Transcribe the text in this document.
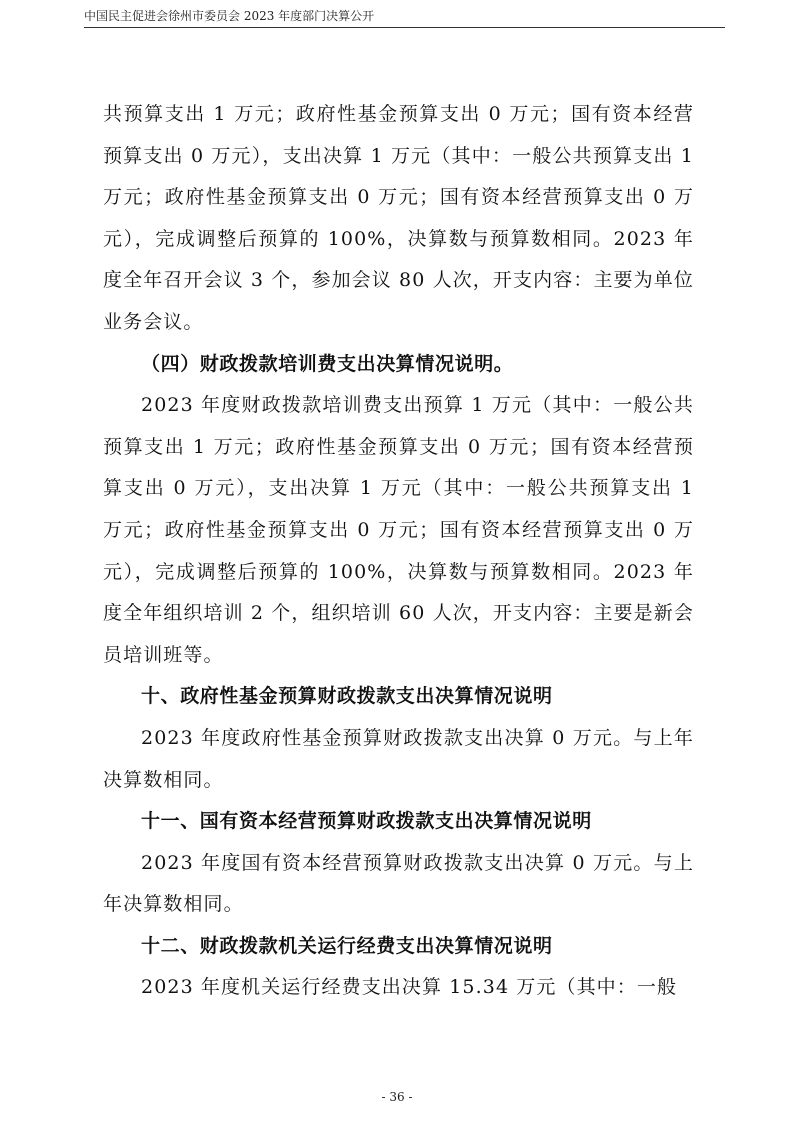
中国民主促进会徐州市委员会 2023 年度部门决算公开

共预算支出 1 万元；政府性基金预算支出 0 万元；国有资本经营预算支出 0 万元），支出决算 1 万元（其中：一般公共预算支出 1 万元；政府性基金预算支出 0 万元；国有资本经营预算支出 0 万元），完成调整后预算的 100%，决算数与预算数相同。2023 年度全年召开会议 3 个，参加会议 80 人次，开支内容：主要为单位业务会议。

（四）财政拨款培训费支出决算情况说明。

2023 年度财政拨款培训费支出预算 1 万元（其中：一般公共预算支出 1 万元；政府性基金预算支出 0 万元；国有资本经营预算支出 0 万元），支出决算 1 万元（其中：一般公共预算支出 1 万元；政府性基金预算支出 0 万元；国有资本经营预算支出 0 万元），完成调整后预算的 100%，决算数与预算数相同。2023 年度全年组织培训 2 个，组织培训 60 人次，开支内容：主要是新会员培训班等。

十、政府性基金预算财政拨款支出决算情况说明

2023 年度政府性基金预算财政拨款支出决算 0 万元。与上年决算数相同。

十一、国有资本经营预算财政拨款支出决算情况说明

2023 年度国有资本经营预算财政拨款支出决算 0 万元。与上年决算数相同。

十二、财政拨款机关运行经费支出决算情况说明

2023 年度机关运行经费支出决算 15.34 万元（其中：一般

- 36 -
